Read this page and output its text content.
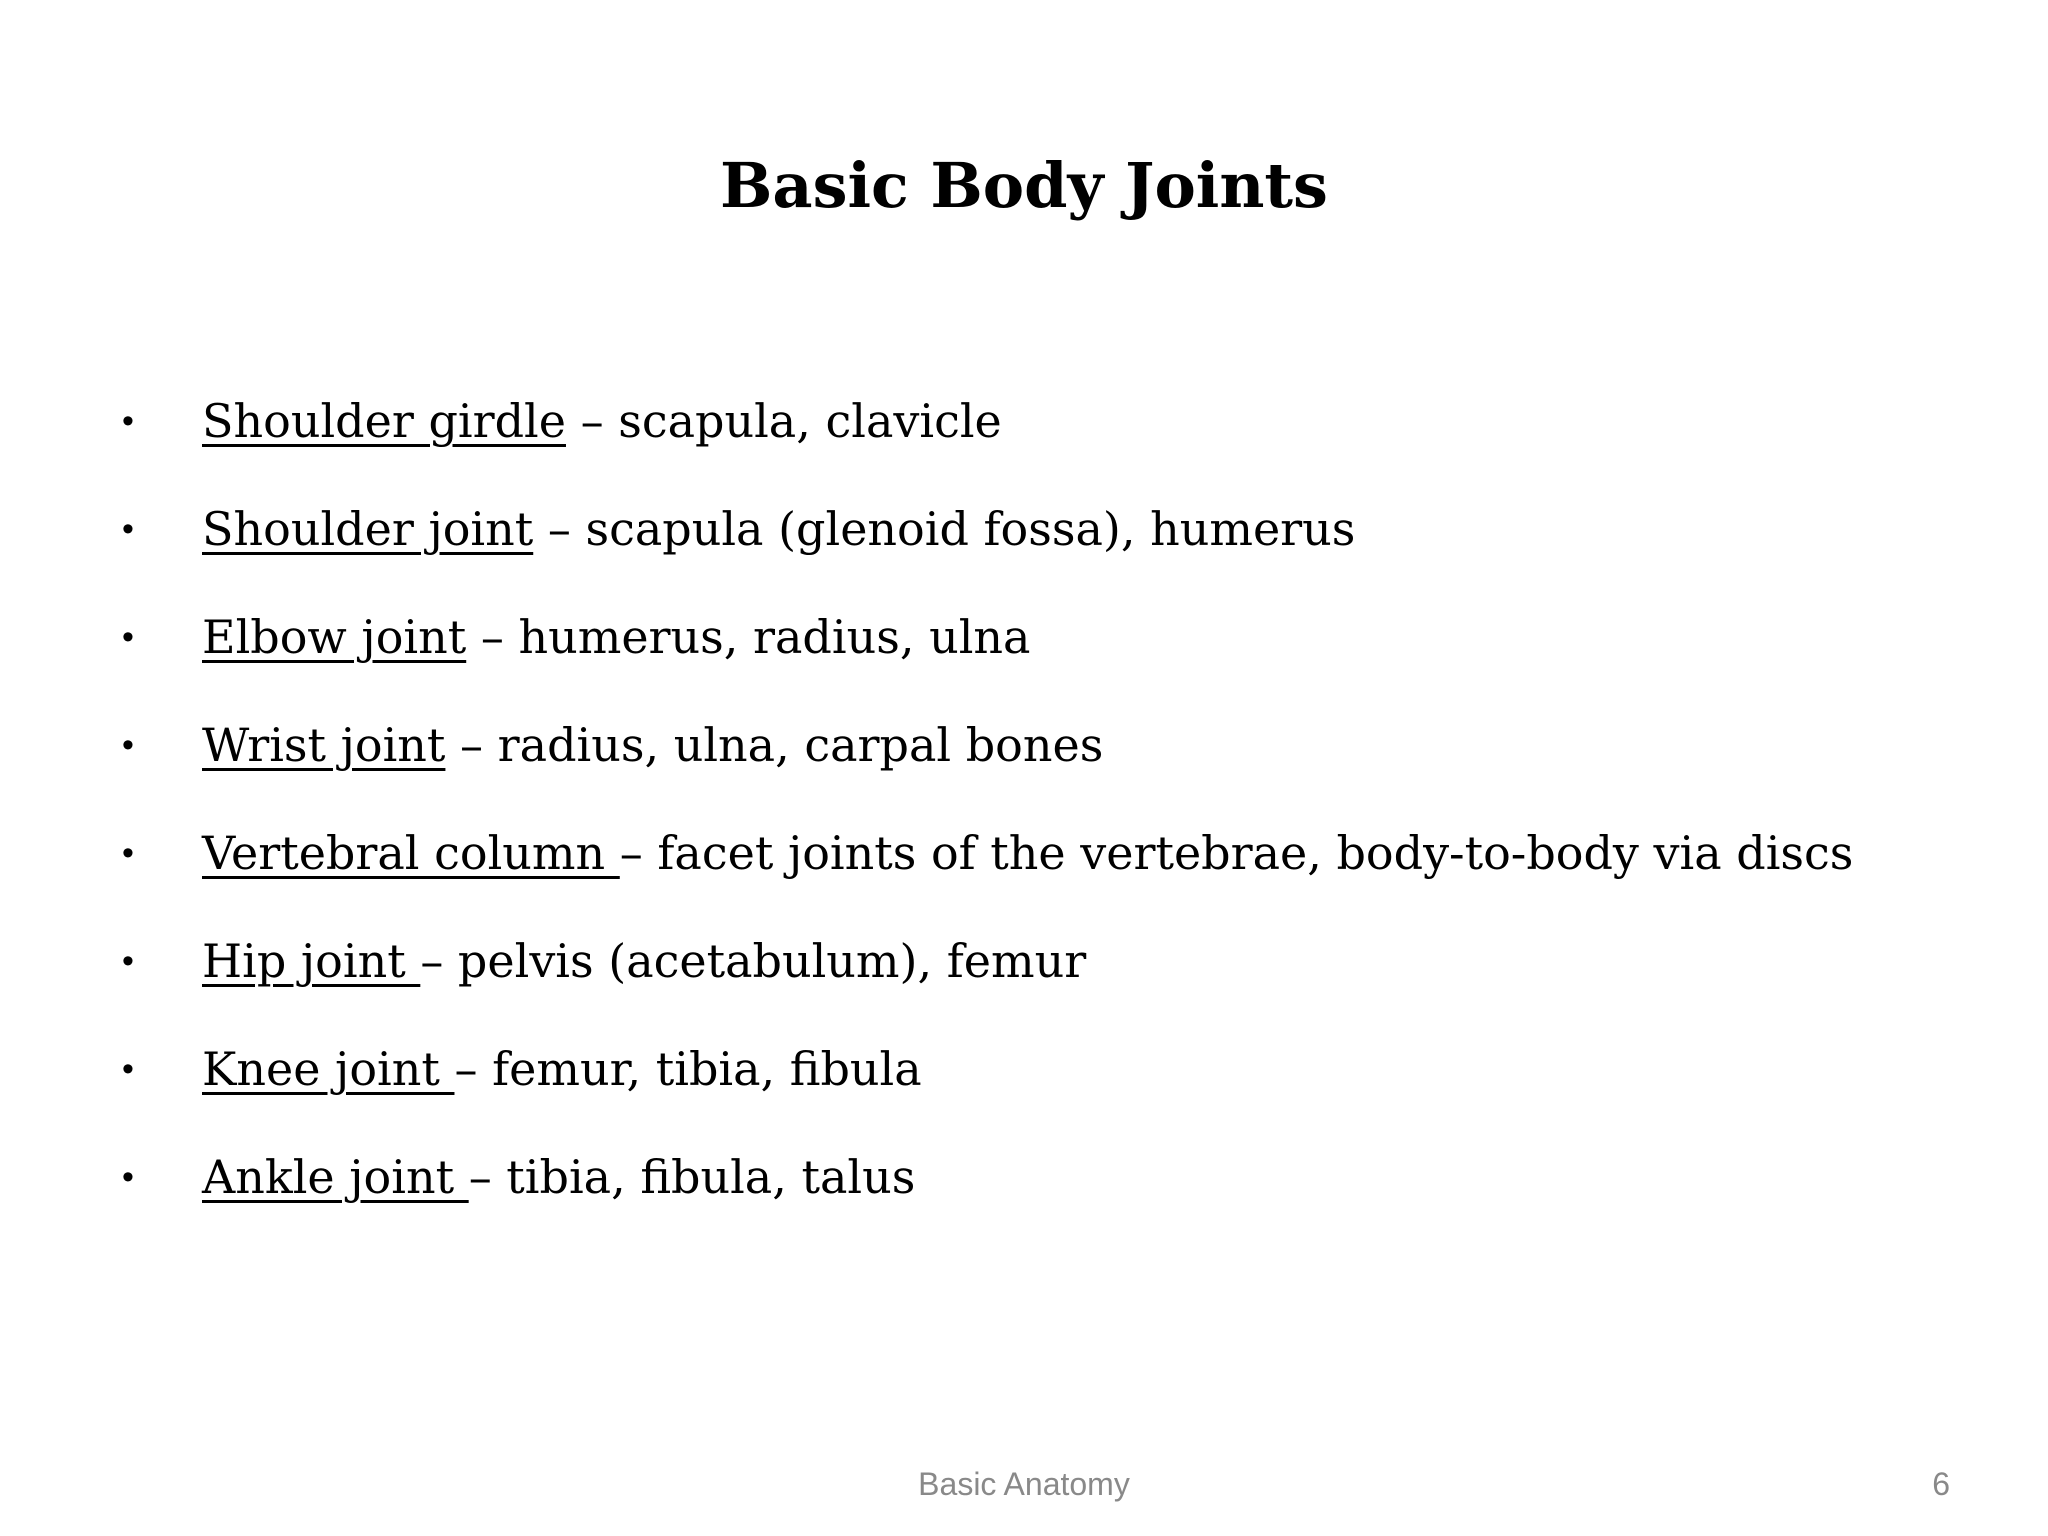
Basic Body Joints
•	Shoulder girdle – scapula, clavicle
•	Shoulder joint – scapula (glenoid fossa), humerus
•	Elbow joint – humerus, radius, ulna
•	Wrist joint – radius, ulna, carpal bones
•	Vertebral column – facet joints of the vertebrae, body-to-body via discs
•	Hip joint – pelvis (acetabulum), femur
•	Knee joint – femur, tibia, fibula
•	Ankle joint – tibia, fibula, talus
Basic Anatomy	6
